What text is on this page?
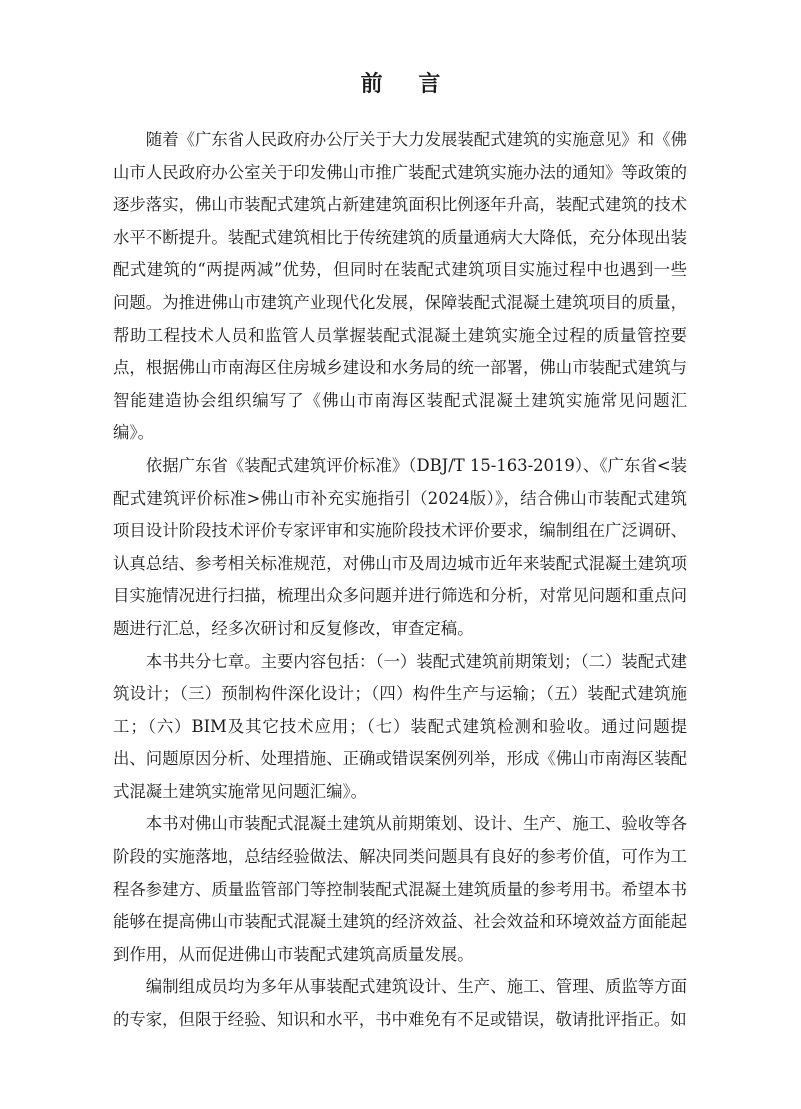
前 言

随着《广东省人民政府办公厅关于大力发展装配式建筑的实施意见》和《佛山市人民政府办公室关于印发佛山市推广装配式建筑实施办法的通知》等政策的逐步落实，佛山市装配式建筑占新建建筑面积比例逐年升高，装配式建筑的技术水平不断提升。装配式建筑相比于传统建筑的质量通病大大降低，充分体现出装配式建筑的“两提两减”优势，但同时在装配式建筑项目实施过程中也遇到一些问题。为推进佛山市建筑产业现代化发展，保障装配式混凝土建筑项目的质量，帮助工程技术人员和监管人员掌握装配式混凝土建筑实施全过程的质量管控要点，根据佛山市南海区住房城乡建设和水务局的统一部署，佛山市装配式建筑与智能建造协会组织编写了《佛山市南海区装配式混凝土建筑实施常见问题汇编》。

依据广东省《装配式建筑评价标准》（DBJ/T 15-163-2019）、《广东省<装配式建筑评价标准>佛山市补充实施指引（2024版）》，结合佛山市装配式建筑项目设计阶段技术评价专家评审和实施阶段技术评价要求，编制组在广泛调研、认真总结、参考相关标准规范，对佛山市及周边城市近年来装配式混凝土建筑项目实施情况进行扫描，梳理出众多问题并进行筛选和分析，对常见问题和重点问题进行汇总，经多次研讨和反复修改，审查定稿。

本书共分七章。主要内容包括：（一）装配式建筑前期策划；（二）装配式建筑设计；（三）预制构件深化设计；（四）构件生产与运输；（五）装配式建筑施工；（六）BIM及其它技术应用；（七）装配式建筑检测和验收。通过问题提出、问题原因分析、处理措施、正确或错误案例列举，形成《佛山市南海区装配式混凝土建筑实施常见问题汇编》。

本书对佛山市装配式混凝土建筑从前期策划、设计、生产、施工、验收等各阶段的实施落地，总结经验做法、解决同类问题具有良好的参考价值，可作为工程各参建方、质量监管部门等控制装配式混凝土建筑质量的参考用书。希望本书能够在提高佛山市装配式混凝土建筑的经济效益、社会效益和环境效益方面能起到作用，从而促进佛山市装配式建筑高质量发展。

编制组成员均为多年从事装配式建筑设计、生产、施工、管理、质监等方面的专家，但限于经验、知识和水平，书中难免有不足或错误，敬请批评指正。如
